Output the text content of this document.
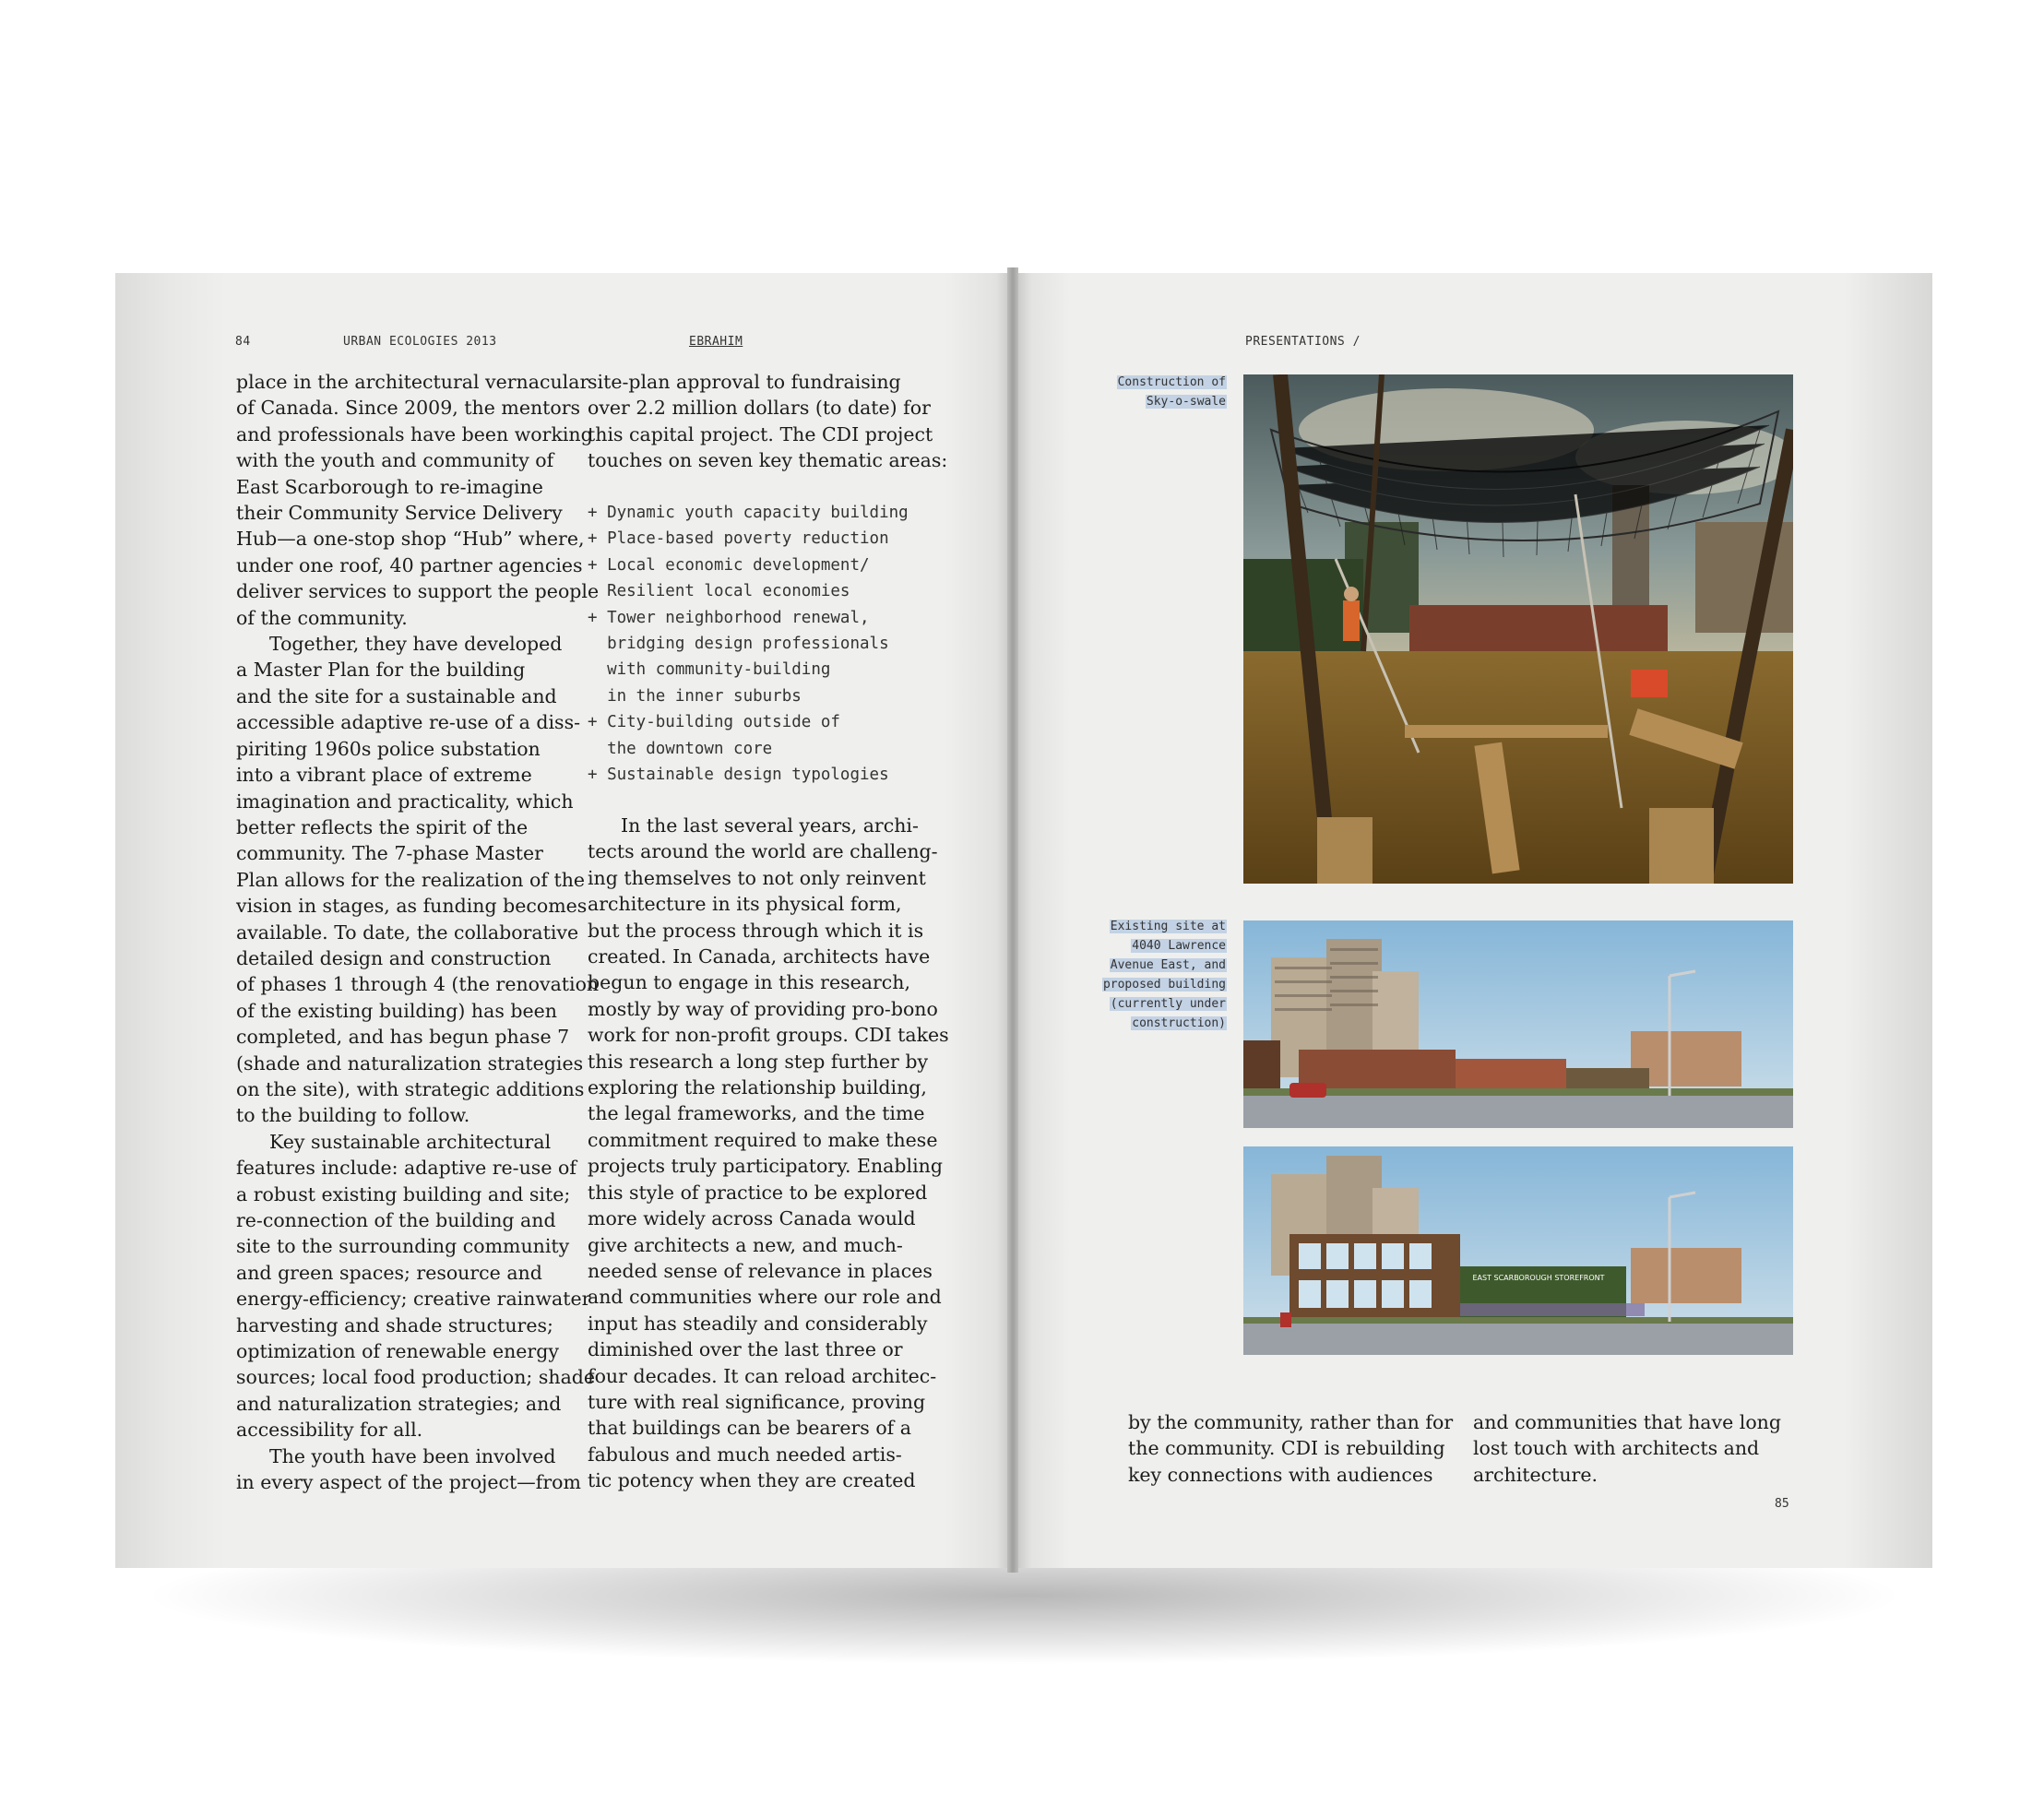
84	URBAN ECOLOGIES 2013	EBRAHIM
place in the architectural vernacular
of Canada. Since 2009, the mentors
and professionals have been working
with the youth and community of
East Scarborough to re-imagine
their Community Service Delivery
Hub—a one-stop shop “Hub” where,
under one roof, 40 partner agencies
deliver services to support the people
of the community.
Together, they have developed
a Master Plan for the building
and the site for a sustainable and
accessible adaptive re-use of a diss-
piriting 1960s police substation
into a vibrant place of extreme
imagination and practicality, which
better reflects the spirit of the
community. The 7-phase Master
Plan allows for the realization of the
vision in stages, as funding becomes
available. To date, the collaborative
detailed design and construction
of phases 1 through 4 (the renovation
of the existing building) has been
completed, and has begun phase 7
(shade and naturalization strategies
on the site), with strategic additions
to the building to follow.
Key sustainable architectural
features include: adaptive re-use of
a robust existing building and site;
re-connection of the building and
site to the surrounding community
and green spaces; resource and
energy-efficiency; creative rainwater
harvesting and shade structures;
optimization of renewable energy
sources; local food production; shade
and naturalization strategies; and
accessibility for all.
The youth have been involved
in every aspect of the project—from
site-plan approval to fundraising
over 2.2 million dollars (to date) for
this capital project. The CDI project
touches on seven key thematic areas:
+ Dynamic youth capacity building
+ Place-based poverty reduction
+ Local economic development/
Resilient local economies
+ Tower neighborhood renewal,
bridging design professionals
with community-building
in the inner suburbs
+ City-building outside of
the downtown core
+ Sustainable design typologies
In the last several years, archi-
tects around the world are challeng-
ing themselves to not only reinvent
architecture in its physical form,
but the process through which it is
created. In Canada, architects have
begun to engage in this research,
mostly by way of providing pro-bono
work for non-profit groups. CDI takes
this research a long step further by
exploring the relationship building,
the legal frameworks, and the time
commitment required to make these
projects truly participatory. Enabling
this style of practice to be explored
more widely across Canada would
give architects a new, and much-
needed sense of relevance in places
and communities where our role and
input has steadily and considerably
diminished over the last three or
four decades. It can reload architec-
ture with real significance, proving
that buildings can be bearers of a
fabulous and much needed artis-
tic potency when they are created
PRESENTATIONS /
Construction of
Sky-o-swale

Existing site at
4040 Lawrence
Avenue East, and
proposed building
(currently under
construction)

EAST SCARBOROUGH STOREFRONT
by the community, rather than for
the community. CDI is rebuilding
key connections with audiences
and communities that have long
lost touch with architects and
architecture.
85
